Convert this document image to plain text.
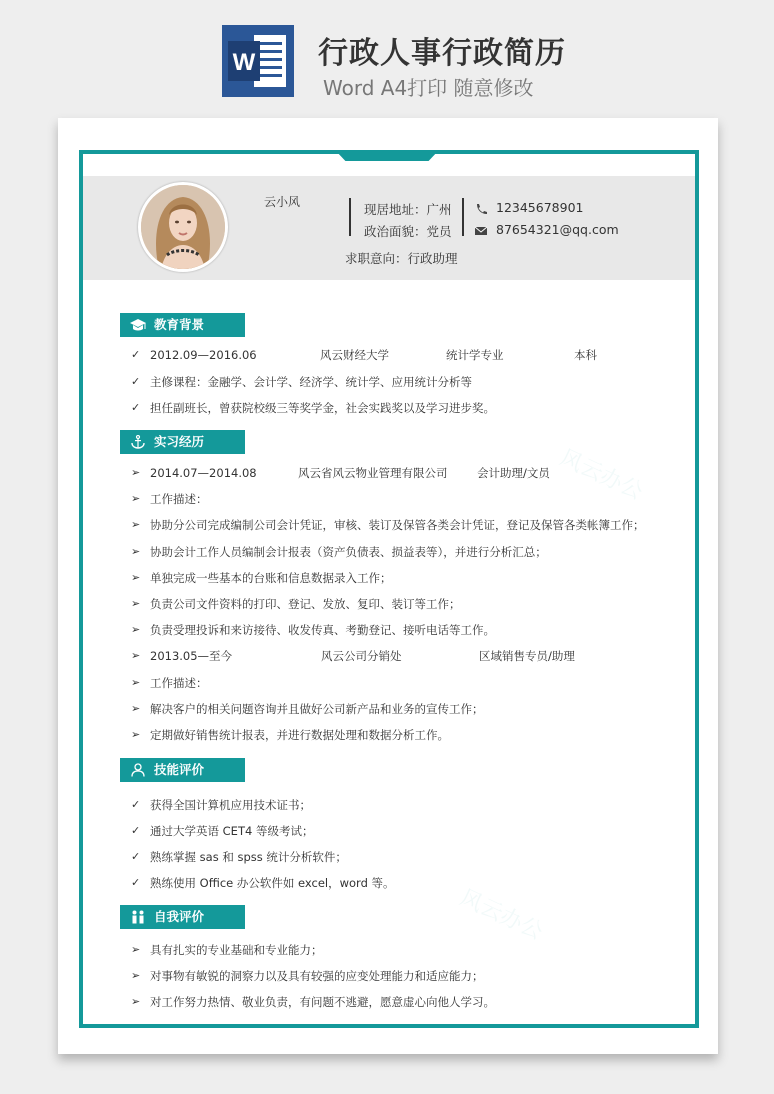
W 行政人事行政简历
Word A4打印 随意修改
风云办公
风云办公
云小风	现居地址：广州
政治面貌：党员
12345678901
87654321@qq.com
求职意向：行政助理
教育背景
✓ 2012.09—2016.06	风云财经大学	统计学专业	本科
✓ 主修课程：金融学、会计学、经济学、统计学、应用统计分析等
✓ 担任副班长，曾获院校级三等奖学金，社会实践奖以及学习进步奖。
实习经历
➢ 2014.07—2014.08	风云省风云物业管理有限公司	会计助理/文员
➢ 工作描述：
➢ 协助分公司完成编制公司会计凭证，审核、装订及保管各类会计凭证，登记及保管各类帐簿工作；
➢ 协助会计工作人员编制会计报表（资产负债表、损益表等），并进行分析汇总；
➢ 单独完成一些基本的台账和信息数据录入工作；
➢ 负责公司文件资料的打印、登记、发放、复印、装订等工作；
➢ 负责受理投诉和来访接待、收发传真、考勤登记、接听电话等工作。
➢ 2013.05—至今	风云公司分销处	区域销售专员/助理
➢ 工作描述：
➢ 解决客户的相关问题咨询并且做好公司新产品和业务的宣传工作；
➢ 定期做好销售统计报表，并进行数据处理和数据分析工作。
技能评价
✓ 获得全国计算机应用技术证书；
✓ 通过大学英语 CET4 等级考试；
✓ 熟练掌握 sas 和 spss 统计分析软件；
✓ 熟练使用 Office 办公软件如 excel，word 等。
自我评价
➢ 具有扎实的专业基础和专业能力；
➢ 对事物有敏锐的洞察力以及具有较强的应变处理能力和适应能力；
➢ 对工作努力热情、敬业负责，有问题不逃避，愿意虚心向他人学习。
